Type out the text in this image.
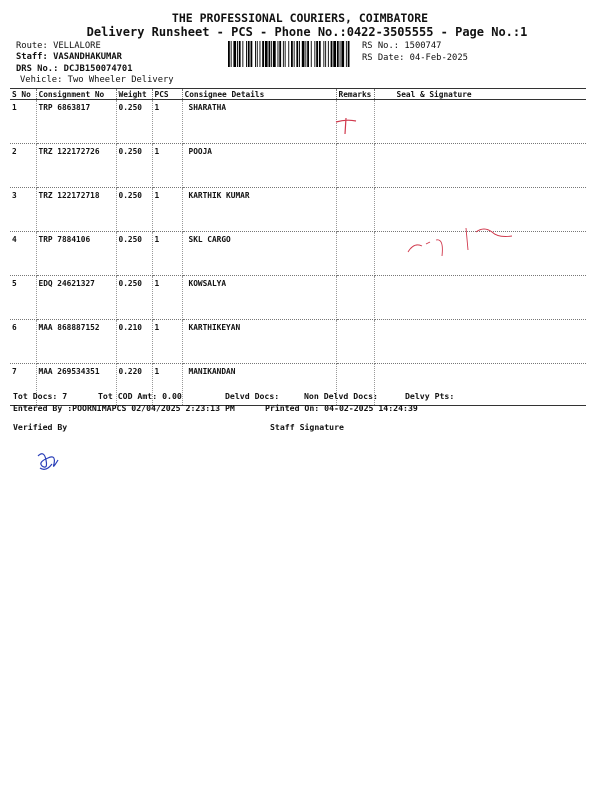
THE PROFESSIONAL COURIERS, COIMBATORE
Delivery Runsheet - PCS - Phone No.:0422-3505555 - Page No.:1
Route: VELLALORE
Staff: VASANDHAKUMAR
DRS No.: DCJB150074701
Vehicle: Two Wheeler Delivery
RS No.: 1500747
RS Date: 04-Feb-2025
S No	Consignment No	Weight	PCS	Consignee Details	Remarks	Seal & Signature
1	TRP 6863817	0.250	1	SHARATHA		
2	TRZ 122172726	0.250	1	POOJA		
3	TRZ 122172718	0.250	1	KARTHIK KUMAR		
4	TRP 7884106	0.250	1	SKL CARGO		
5	EDQ 24621327	0.250	1	KOWSALYA		
6	MAA 868887152	0.210	1	KARTHIKEYAN		
7	MAA 269534351	0.220	1	MANIKANDAN		
Tot Docs: 7	Tot COD Amt: 0.00	Delvd Docs:	Non Delvd Docs:	Delvy Pts:
Entered By :POORNIMAPCS 02/04/2025 2:23:13 PM	Printed On: 04-02-2025 14:24:39
Verified By	Staff Signature
